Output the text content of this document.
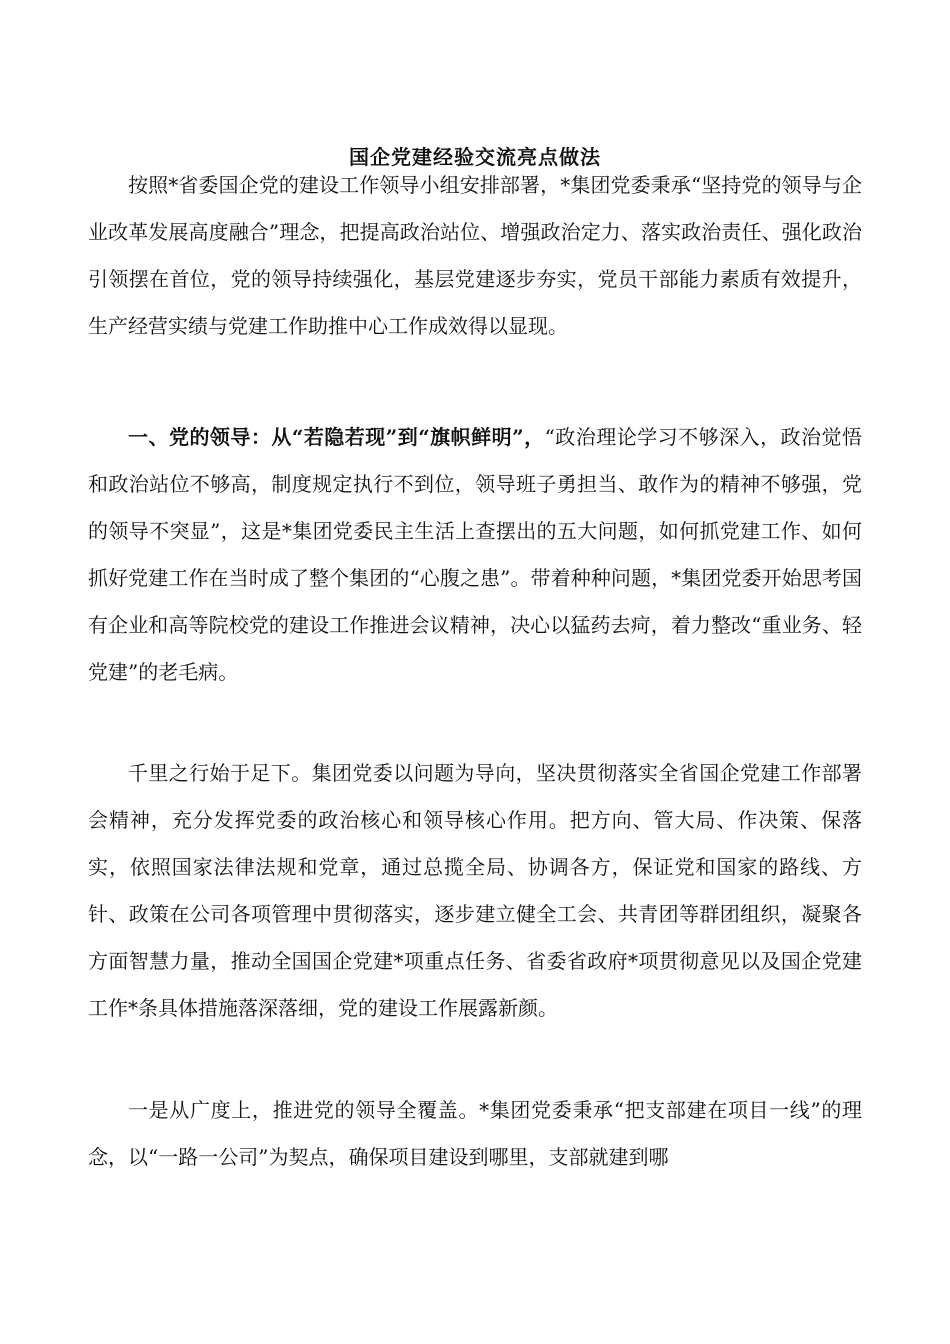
国企党建经验交流亮点做法

按照*省委国企党的建设工作领导小组安排部署，*集团党委秉承“坚持党的领导与企业改革发展高度融合”理念，把提高政治站位、增强政治定力、落实政治责任、强化政治引领摆在首位，党的领导持续强化，基层党建逐步夯实，党员干部能力素质有效提升，生产经营实绩与党建工作助推中心工作成效得以显现。

一、党的领导：从“若隐若现”到“旗帜鲜明”，“政治理论学习不够深入，政治觉悟和政治站位不够高，制度规定执行不到位，领导班子勇担当、敢作为的精神不够强，党的领导不突显”，这是*集团党委民主生活上查摆出的五大问题，如何抓党建工作、如何抓好党建工作在当时成了整个集团的“心腹之患”。带着种种问题，*集团党委开始思考国有企业和高等院校党的建设工作推进会议精神，决心以猛药去疴，着力整改“重业务、轻党建”的老毛病。

千里之行始于足下。集团党委以问题为导向，坚决贯彻落实全省国企党建工作部署会精神，充分发挥党委的政治核心和领导核心作用。把方向、管大局、作决策、保落实，依照国家法律法规和党章，通过总揽全局、协调各方，保证党和国家的路线、方针、政策在公司各项管理中贯彻落实，逐步建立健全工会、共青团等群团组织，凝聚各方面智慧力量，推动全国国企党建*项重点任务、省委省政府*项贯彻意见以及国企党建工作*条具体措施落深落细，党的建设工作展露新颜。

一是从广度上，推进党的领导全覆盖。*集团党委秉承“把支部建在项目一线”的理念，以“一路一公司”为契点，确保项目建设到哪里，支部就建到哪
